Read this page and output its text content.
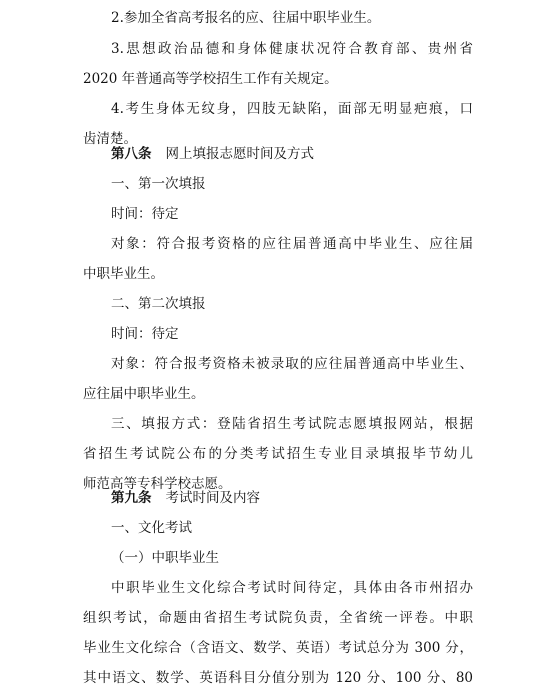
2.参加全省高考报名的应、往届中职毕业生。
3.思想政治品德和身体健康状况符合教育部、贵州省
2020 年普通高等学校招生工作有关规定。
4.考生身体无纹身，四肢无缺陷，面部无明显疤痕，口
齿清楚。
第八条 网上填报志愿时间及方式
一、第一次填报
时间：待定
对象：符合报考资格的应往届普通高中毕业生、应往届
中职毕业生。
二、第二次填报
时间：待定
对象：符合报考资格未被录取的应往届普通高中毕业生、
应往届中职毕业生。
三、填报方式：登陆省招生考试院志愿填报网站，根据
省招生考试院公布的分类考试招生专业目录填报毕节幼儿
师范高等专科学校志愿。
第九条 考试时间及内容
一、文化考试
（一）中职毕业生
中职毕业生文化综合考试时间待定，具体由各市州招办
组织考试，命题由省招生考试院负责，全省统一评卷。中职
毕业生文化综合（含语文、数学、英语）考试总分为 300 分，
其中语文、数学、英语科目分值分别为 120 分、100 分、80
